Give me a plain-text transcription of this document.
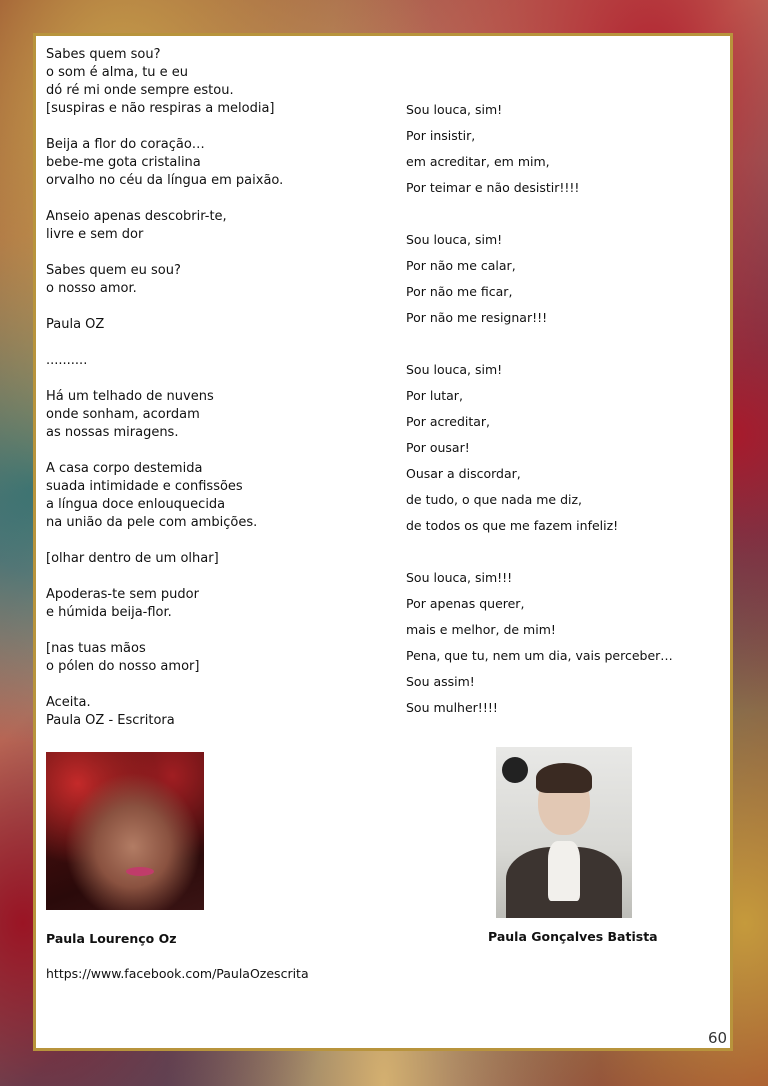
Sabes quem sou?
o som é alma, tu e eu
dó ré mi onde sempre estou.
[suspiras e não respiras a melodia]
Beija a flor do coração…
bebe-me gota cristalina
orvalho no céu da língua em paixão.
Anseio apenas descobrir-te,
livre e sem dor
Sabes quem eu sou?
o nosso amor.
Paula OZ
..........
Há um telhado de nuvens
onde sonham, acordam
as nossas miragens.
A casa corpo destemida
suada intimidade e confissões
a língua doce enlouquecida
na união da pele com ambições.
[olhar dentro de um olhar]
Apoderas-te sem pudor
e húmida beija-flor.
[nas tuas mãos
o pólen do nosso amor]
Aceita.
Paula OZ - Escritora
Sou louca, sim!
Por insistir,
em acreditar, em mim,
Por teimar e não desistir!!!!
Sou louca, sim!
Por não me calar,
Por não me ficar,
Por não me resignar!!!
Sou louca, sim!
Por lutar,
Por acreditar,
Por ousar!
Ousar a discordar,
de tudo, o que nada me diz,
de todos os que me fazem infeliz!
Sou louca, sim!!!
Por apenas querer,
mais e melhor, de mim!
Pena, que tu, nem um dia, vais perceber…
Sou assim!
Sou mulher!!!!
Paula Lourenço Oz	Paula Gonçalves Batista
https://www.facebook.com/PaulaOzescrita
60
